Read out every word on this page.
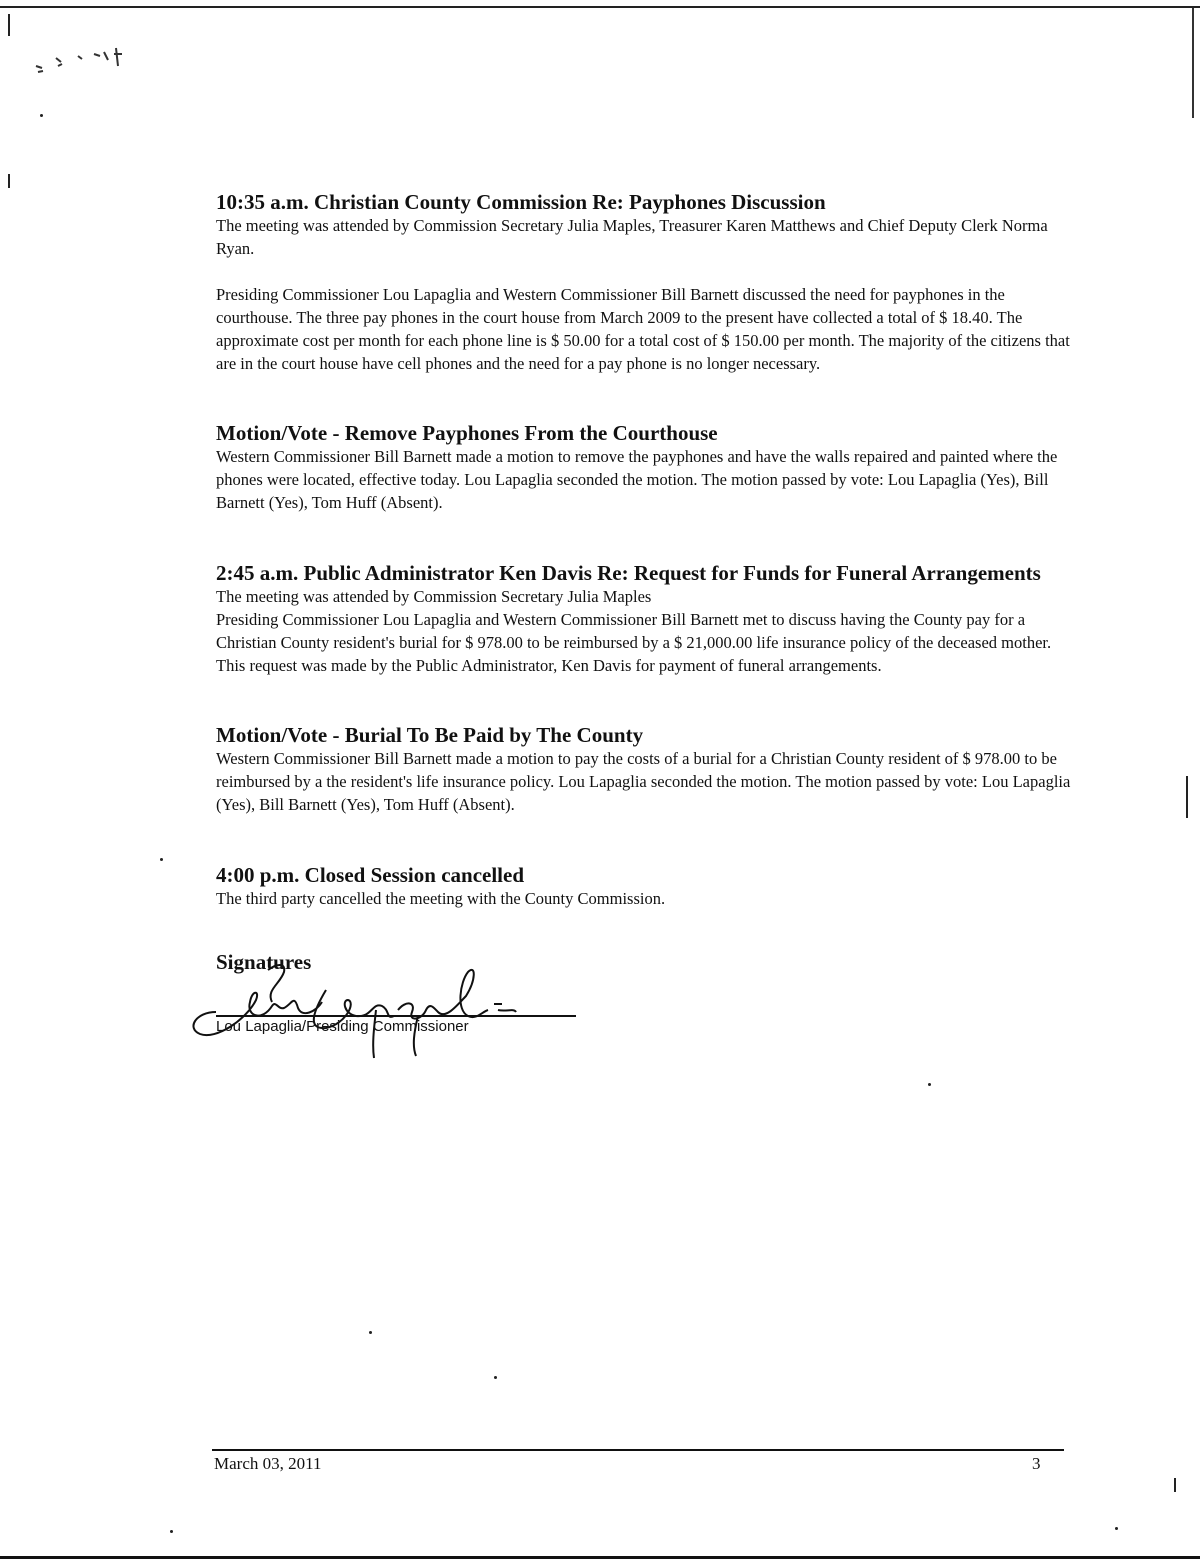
10:35 a.m. Christian County Commission Re: Payphones Discussion

The meeting was attended by Commission Secretary Julia Maples, Treasurer Karen Matthews and Chief Deputy Clerk Norma Ryan.

Presiding Commissioner Lou Lapaglia and Western Commissioner Bill Barnett discussed the need for payphones in the courthouse. The three pay phones in the court house from March 2009 to the present have collected a total of $ 18.40. The approximate cost per month for each phone line is $ 50.00 for a total cost of $ 150.00 per month. The majority of the citizens that are in the court house have cell phones and the need for a pay phone is no longer necessary.

Motion/Vote - Remove Payphones From the Courthouse

Western Commissioner Bill Barnett made a motion to remove the payphones and have the walls repaired and painted where the phones were located, effective today. Lou Lapaglia seconded the motion. The motion passed by vote: Lou Lapaglia (Yes), Bill Barnett (Yes), Tom Huff (Absent).

2:45 a.m. Public Administrator Ken Davis Re: Request for Funds for Funeral Arrangements

The meeting was attended by Commission Secretary Julia Maples

Presiding Commissioner Lou Lapaglia and Western Commissioner Bill Barnett met to discuss having the County pay for a Christian County resident's burial for $ 978.00 to be reimbursed by a $ 21,000.00 life insurance policy of the deceased mother. This request was made by the Public Administrator, Ken Davis for payment of funeral arrangements.

Motion/Vote - Burial To Be Paid by The County

Western Commissioner Bill Barnett made a motion to pay the costs of a burial for a Christian County resident of $ 978.00 to be reimbursed by a the resident's life insurance policy. Lou Lapaglia seconded the motion. The motion passed by vote: Lou Lapaglia (Yes), Bill Barnett (Yes), Tom Huff (Absent).

4:00 p.m. Closed Session cancelled

The third party cancelled the meeting with the County Commission.

Signatures
Lou Lapaglia/Presiding Commissioner
March 03, 2011	3
